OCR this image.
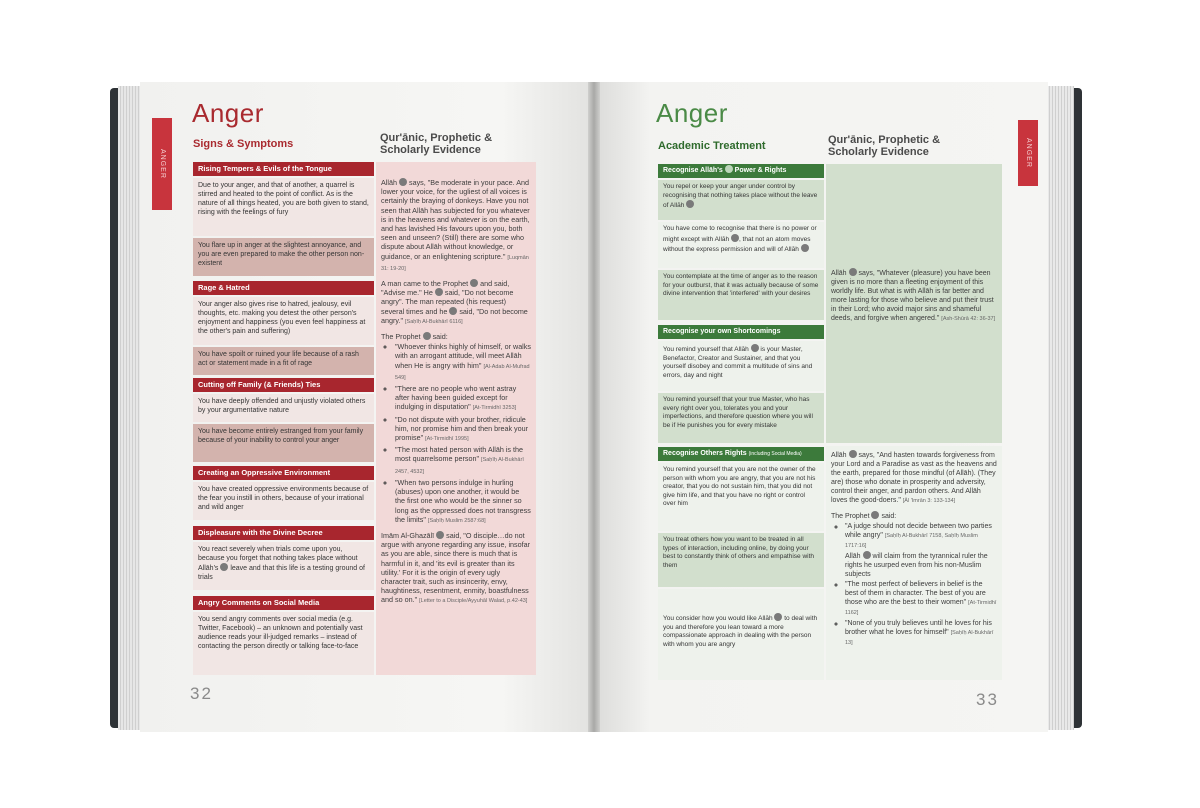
Anger
ANGER
Signs & Symptoms	Qur'ānic, Prophetic & Scholarly Evidence
Rising Tempers & Evils of the Tongue
Due to your anger, and that of another, a quarrel is stirred and heated to the point of conflict. As is the nature of all things heated, you are both given to stand, rising with the feelings of fury
You flare up in anger at the slightest annoyance, and you are even prepared to make the other person non-existent
Rage & Hatred
Your anger also gives rise to hatred, jealousy, evil thoughts, etc. making you detest the other person's enjoyment and happiness (you even feel happiness at the other's pain and suffering)
You have spoilt or ruined your life because of a rash act or statement made in a fit of rage
Cutting off Family (& Friends) Ties
You have deeply offended and unjustly violated others by your argumentative nature
You have become entirely estranged from your family because of your inability to control your anger
Creating an Oppressive Environment
You have created oppressive environments because of the fear you instill in others, because of your irrational and wild anger
Displeasure with the Divine Decree
You react severely when trials come upon you, because you forget that nothing takes place without Allāh's leave and that this life is a testing ground of trials
Angry Comments on Social Media
You send angry comments over social media (e.g. Twitter, Facebook) – an unknown and potentially vast audience reads your ill-judged remarks – instead of contacting the person directly or talking face-to-face

Allāh says, "Be moderate in your pace. And lower your voice, for the ugliest of all voices is certainly the braying of donkeys. Have you not seen that Allāh has subjected for you whatever is in the heavens and whatever is on the earth, and has lavished His favours upon you, both seen and unseen? (Still) there are some who dispute about Allāh without knowledge, or guidance, or an enlightening scripture." [Luqmān 31: 19-20]

A man came to the Prophet and said, "Advise me." He said, "Do not become angry". The man repeated (his request) several times and he said, "Do not become angry." [Saḥīḥ Al-Bukhārī 6116]

The Prophet said:

◦ "Whoever thinks highly of himself, or walks with an arrogant attitude, will meet Allāh when He is angry with him" [Al-Adab Al-Mufrad 549]
◦ "There are no people who went astray after having been guided except for indulging in disputation" [At-Tirmidhī 3253]
◦ "Do not dispute with your brother, ridicule him, nor promise him and then break your promise" [At-Tirmidhī 1995]
◦ "The most hated person with Allāh is the most quarrelsome person" [Saḥīḥ Al-Bukhārī 2457, 4532]
◦ "When two persons indulge in hurling (abuses) upon one another, it would be the first one who would be the sinner so long as the oppressed does not transgress the limits" [Saḥīḥ Muslim 2587:68]

Imām Al-Ghazālī said, "O disciple…do not argue with anyone regarding any issue, insofar as you are able, since there is much that is harmful in it, and 'its evil is greater than its utility.' For it is the origin of every ugly character trait, such as insincerity, envy, haughtiness, resentment, enmity, boastfulness and so on." [Letter to a Disciple/Ayyuhāl Walad, p.42-43]

32
Anger
ANGER
Academic Treatment	Qur'ānic, Prophetic & Scholarly Evidence
Recognise Allāh's Power & Rights
You repel or keep your anger under control by recognising that nothing takes place without the leave of Allāh
You have come to recognise that there is no power or might except with Allāh , that not an atom moves without the express permission and will of Allāh
You contemplate at the time of anger as to the reason for your outburst, that it was actually because of some divine intervention that 'interfered' with your desires
Recognise your own Shortcomings
You remind yourself that Allāh is your Master, Benefactor, Creator and Sustainer, and that you yourself disobey and commit a multitude of sins and errors, day and night
You remind yourself that your true Master, who has every right over you, tolerates you and your imperfections, and therefore question where you will be if He punishes you for every mistake
Recognise Others Rights (including Social Media)
You remind yourself that you are not the owner of the person with whom you are angry, that you are not his creator, that you do not sustain him, that you did not give him life, and that you have no right or control over him
You treat others how you want to be treated in all types of interaction, including online, by doing your best to constantly think of others and empathise with them
You consider how you would like Allāh to deal with you and therefore you lean toward a more compassionate approach in dealing with the person with whom you are angry

Allāh says, "Whatever (pleasure) you have been given is no more than a fleeting enjoyment of this worldly life. But what is with Allāh is far better and more lasting for those who believe and put their trust in their Lord; who avoid major sins and shameful deeds, and forgive when angered." [Ash-Shūrā 42: 36-37]

Allāh says, "And hasten towards forgiveness from your Lord and a Paradise as vast as the heavens and the earth, prepared for those mindful (of Allāh). (They are) those who donate in prosperity and adversity, control their anger, and pardon others. And Allāh loves the good-doers." [Āl 'Imrān 3: 133-134]

The Prophet said:

◦ "A judge should not decide between two parties while angry" [Saḥīḥ Al-Bukhārī 7158, Saḥīḥ Muslim 1717:16]
Allāh will claim from the tyrannical ruler the rights he usurped even from his non-Muslim subjects
◦ "The most perfect of believers in belief is the best of them in character. The best of you are those who are the best to their women" [At-Tirmidhī 1162]
◦ "None of you truly believes until he loves for his brother what he loves for himself" [Saḥīḥ Al-Bukhārī 13]
33
